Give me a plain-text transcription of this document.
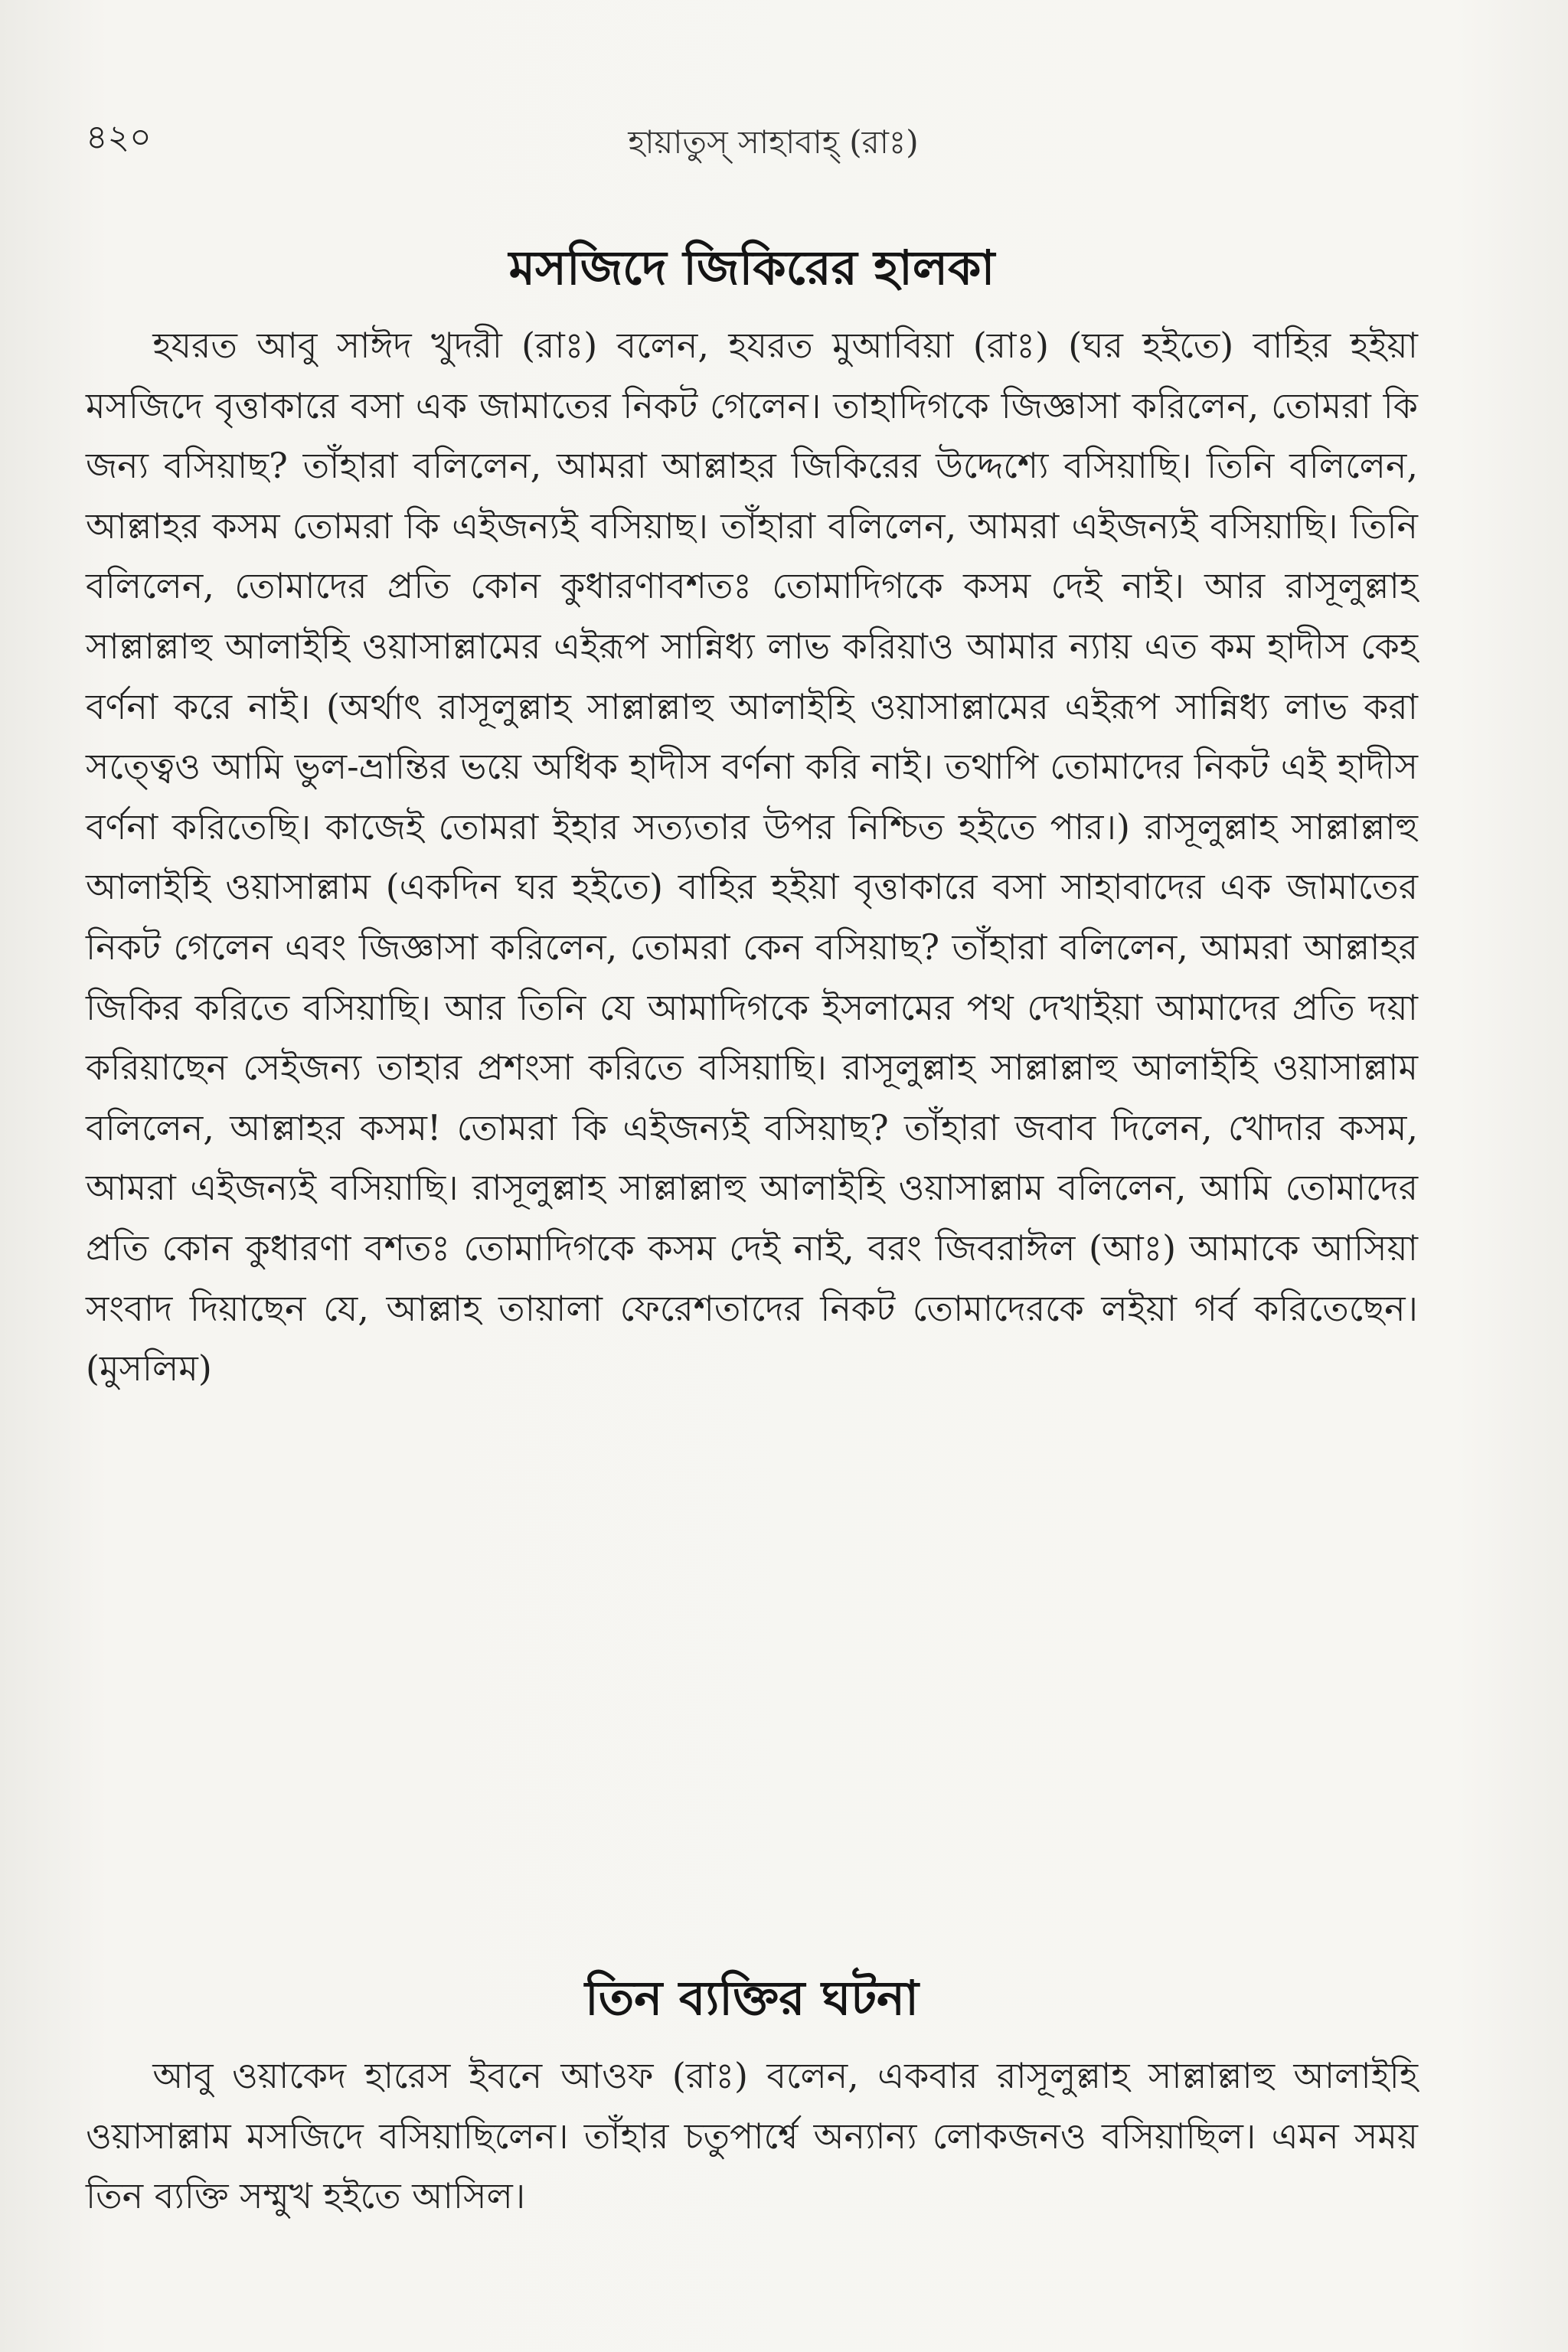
৪২০	হায়াতুস্ সাহাবাহ্ (রাঃ)
মসজিদে জিকিরের হালকা

হযরত আবু সাঈদ খুদরী (রাঃ) বলেন, হযরত মুআবিয়া (রাঃ) (ঘর হইতে) বাহির হইয়া মসজিদে বৃত্তাকারে বসা এক জামাতের নিকট গেলেন। তাহাদিগকে জিজ্ঞাসা করিলেন, তোমরা কি জন্য বসিয়াছ? তাঁহারা বলিলেন, আমরা আল্লাহর জিকিরের উদ্দেশ্যে বসিয়াছি। তিনি বলিলেন, আল্লাহর কসম তোমরা কি এইজন্যই বসিয়াছ। তাঁহারা বলিলেন, আমরা এইজন্যই বসিয়াছি। তিনি বলিলেন, তোমাদের প্রতি কোন কুধারণাবশতঃ তোমাদিগকে কসম দেই নাই। আর রাসূলুল্লাহ সাল্লাল্লাহু আলাইহি ওয়াসাল্লামের এইরূপ সান্নিধ্য লাভ করিয়াও আমার ন্যায় এত কম হাদীস কেহ বর্ণনা করে নাই। (অর্থাৎ রাসূলুল্লাহ সাল্লাল্লাহু আলাইহি ওয়াসাল্লামের এইরূপ সান্নিধ্য লাভ করা সত্ত্বেও আমি ভুল-ভ্রান্তির ভয়ে অধিক হাদীস বর্ণনা করি নাই। তথাপি তোমাদের নিকট এই হাদীস বর্ণনা করিতেছি। কাজেই তোমরা ইহার সত্যতার উপর নিশ্চিত হইতে পার।) রাসূলুল্লাহ সাল্লাল্লাহু আলাইহি ওয়াসাল্লাম (একদিন ঘর হইতে) বাহির হইয়া বৃত্তাকারে বসা সাহাবাদের এক জামাতের নিকট গেলেন এবং জিজ্ঞাসা করিলেন, তোমরা কেন বসিয়াছ? তাঁহারা বলিলেন, আমরা আল্লাহর জিকির করিতে বসিয়াছি। আর তিনি যে আমাদিগকে ইসলামের পথ দেখাইয়া আমাদের প্রতি দয়া করিয়াছেন সেইজন্য তাহার প্রশংসা করিতে বসিয়াছি। রাসূলুল্লাহ সাল্লাল্লাহু আলাইহি ওয়াসাল্লাম বলিলেন, আল্লাহর কসম! তোমরা কি এইজন্যই বসিয়াছ? তাঁহারা জবাব দিলেন, খোদার কসম, আমরা এইজন্যই বসিয়াছি। রাসূলুল্লাহ সাল্লাল্লাহু আলাইহি ওয়াসাল্লাম বলিলেন, আমি তোমাদের প্রতি কোন কুধারণা বশতঃ তোমাদিগকে কসম দেই নাই, বরং জিবরাঈল (আঃ) আমাকে আসিয়া সংবাদ দিয়াছেন যে, আল্লাহ তায়ালা ফেরেশতাদের নিকট তোমাদেরকে লইয়া গর্ব করিতেছেন। (মুসলিম)

তিন ব্যক্তির ঘটনা

আবু ওয়াকেদ হারেস ইবনে আওফ (রাঃ) বলেন, একবার রাসূলুল্লাহ সাল্লাল্লাহু আলাইহি ওয়াসাল্লাম মসজিদে বসিয়াছিলেন। তাঁহার চতুপার্শ্বে অন্যান্য লোকজনও বসিয়াছিল। এমন সময় তিন ব্যক্তি সম্মুখ হইতে আসিল।
